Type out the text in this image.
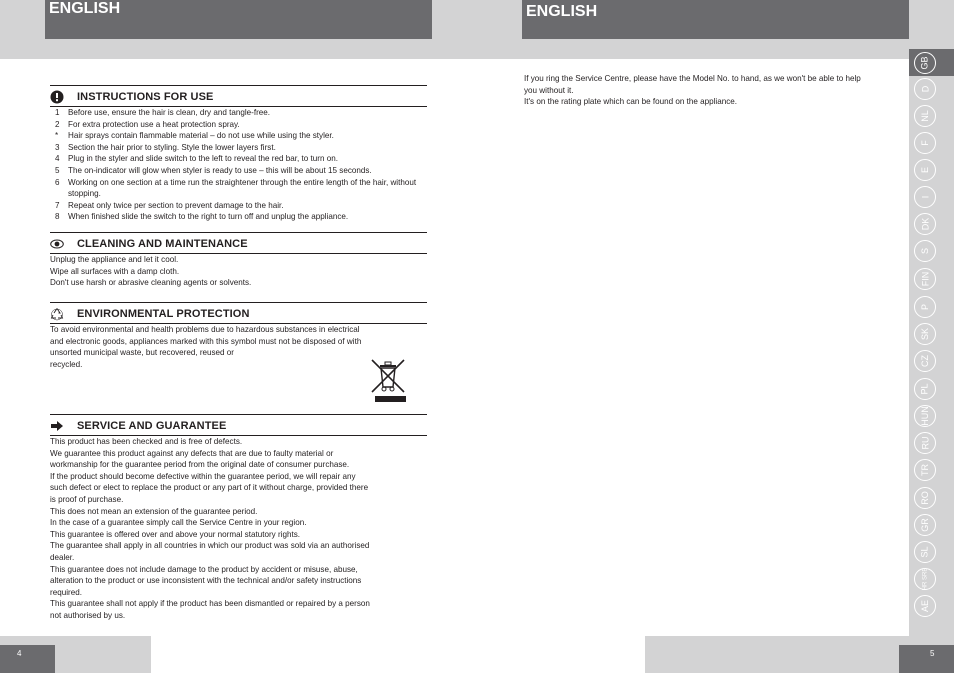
ENGLISH	ENGLISH
INSTRUCTIONS FOR USE
1 Before use, ensure the hair is clean, dry and tangle-free.
2 For extra protection use a heat protection spray.
* Hair sprays contain flammable material – do not use while using the styler.
3 Section the hair prior to styling. Style the lower layers first.
4 Plug in the styler and slide switch to the left to reveal the red bar, to turn on.
5 The on-indicator will glow when styler is ready to use – this will be about 15 seconds.
6 Working on one section at a time run the straightener through the entire length of the hair, without stopping.
7 Repeat only twice per section to prevent damage to the hair.
8 When finished slide the switch to the right to turn off and unplug the appliance.
CLEANING AND MAINTENANCE

Unplug the appliance and let it cool.

Wipe all surfaces with a damp cloth.

Don't use harsh or abrasive cleaning agents or solvents.

ENVIRONMENTAL PROTECTION

To avoid environmental and health problems due to hazardous substances in electrical

and electronic goods, appliances marked with this symbol must not be disposed of with

unsorted municipal waste, but recovered, reused or

recycled.

SERVICE AND GUARANTEE

This product has been checked and is free of defects.

We guarantee this product against any defects that are due to faulty material or

workmanship for the guarantee period from the original date of consumer purchase.

If the product should become defective within the guarantee period, we will repair any

such defect or elect to replace the product or any part of it without charge, provided there

is proof of purchase.

This does not mean an extension of the guarantee period.

In the case of a guarantee simply call the Service Centre in your region.

This guarantee is offered over and above your normal statutory rights.

The guarantee shall apply in all countries in which our product was sold via an authorised

dealer.

This guarantee does not include damage to the product by accident or misuse, abuse,

alteration to the product or use inconsistent with the technical and/or safety instructions

required.

This guarantee shall not apply if the product has been dismantled or repaired by a person

not authorised by us.

If you ring the Service Centre, please have the Model No. to hand, as we won't be able to help

you without it.

It's on the rating plate which can be found on the appliance.

GB
D
NL
F
E
I
DK
S
FIN
P
SK
CZ
PL
HUN
RU
TR
RO
GR
SL
HR SRB
AE
4	5
